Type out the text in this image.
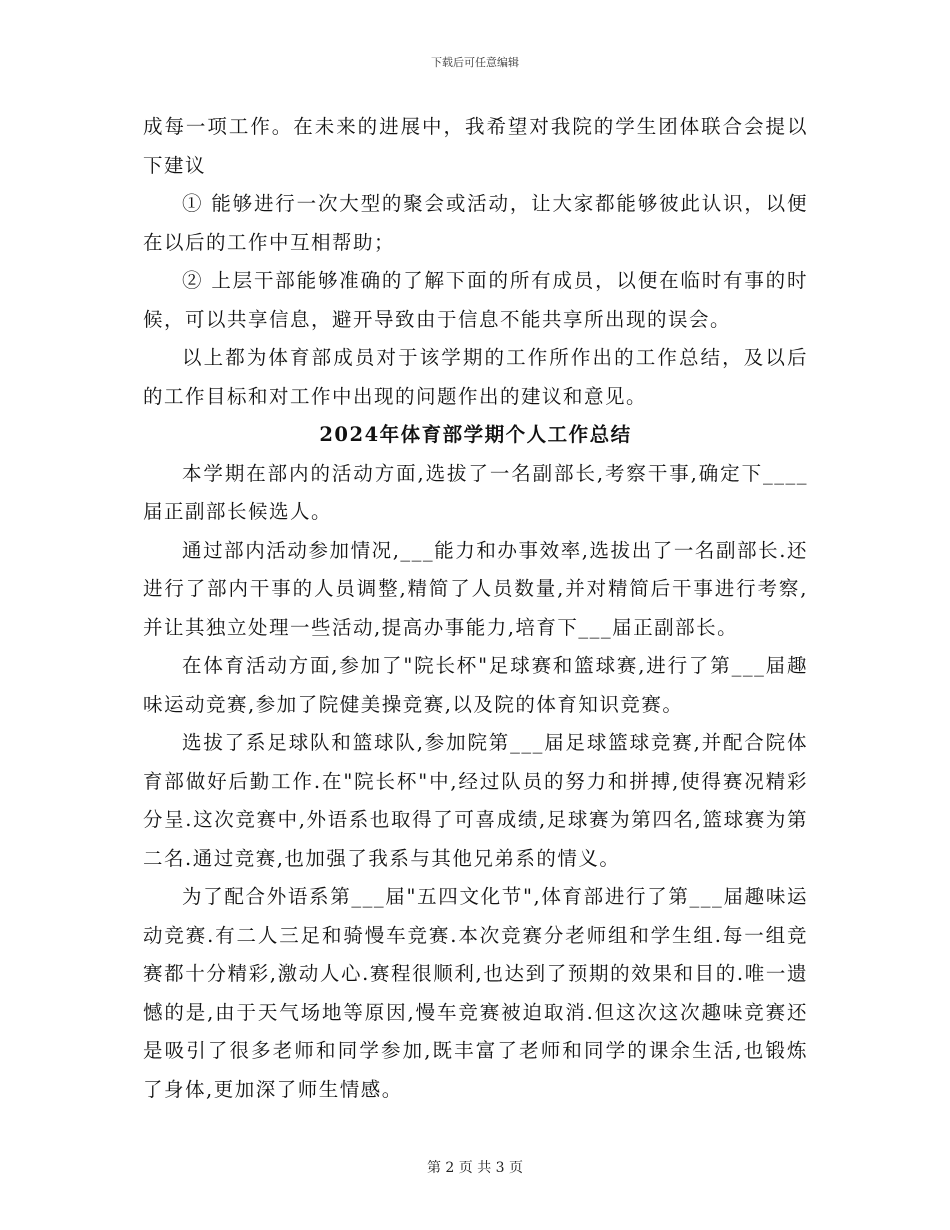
下载后可任意编辑

成每一项工作。在未来的进展中，我希望对我院的学生团体联合会提以下建议

① 能够进行一次大型的聚会或活动，让大家都能够彼此认识，以便在以后的工作中互相帮助；

② 上层干部能够准确的了解下面的所有成员，以便在临时有事的时候，可以共享信息，避开导致由于信息不能共享所出现的误会。

以上都为体育部成员对于该学期的工作所作出的工作总结，及以后的工作目标和对工作中出现的问题作出的建议和意见。

2024年体育部学期个人工作总结

本学期在部内的活动方面,选拔了一名副部长,考察干事,确定下____届正副部长候选人。

通过部内活动参加情况,___能力和办事效率,选拔出了一名副部长.还进行了部内干事的人员调整,精简了人员数量,并对精简后干事进行考察,并让其独立处理一些活动,提高办事能力,培育下___届正副部长。

在体育活动方面,参加了"院长杯"足球赛和篮球赛,进行了第___届趣味运动竞赛,参加了院健美操竞赛,以及院的体育知识竞赛。

选拔了系足球队和篮球队,参加院第___届足球篮球竞赛,并配合院体育部做好后勤工作.在"院长杯"中,经过队员的努力和拼搏,使得赛况精彩分呈.这次竞赛中,外语系也取得了可喜成绩,足球赛为第四名,篮球赛为第二名.通过竞赛,也加强了我系与其他兄弟系的情义。

为了配合外语系第___届"五四文化节",体育部进行了第___届趣味运动竞赛.有二人三足和骑慢车竞赛.本次竞赛分老师组和学生组.每一组竞赛都十分精彩,激动人心.赛程很顺利,也达到了预期的效果和目的.唯一遗憾的是,由于天气场地等原因,慢车竞赛被迫取消.但这次这次趣味竞赛还是吸引了很多老师和同学参加,既丰富了老师和同学的课余生活,也锻炼了身体,更加深了师生情感。

第 2 页 共 3 页
